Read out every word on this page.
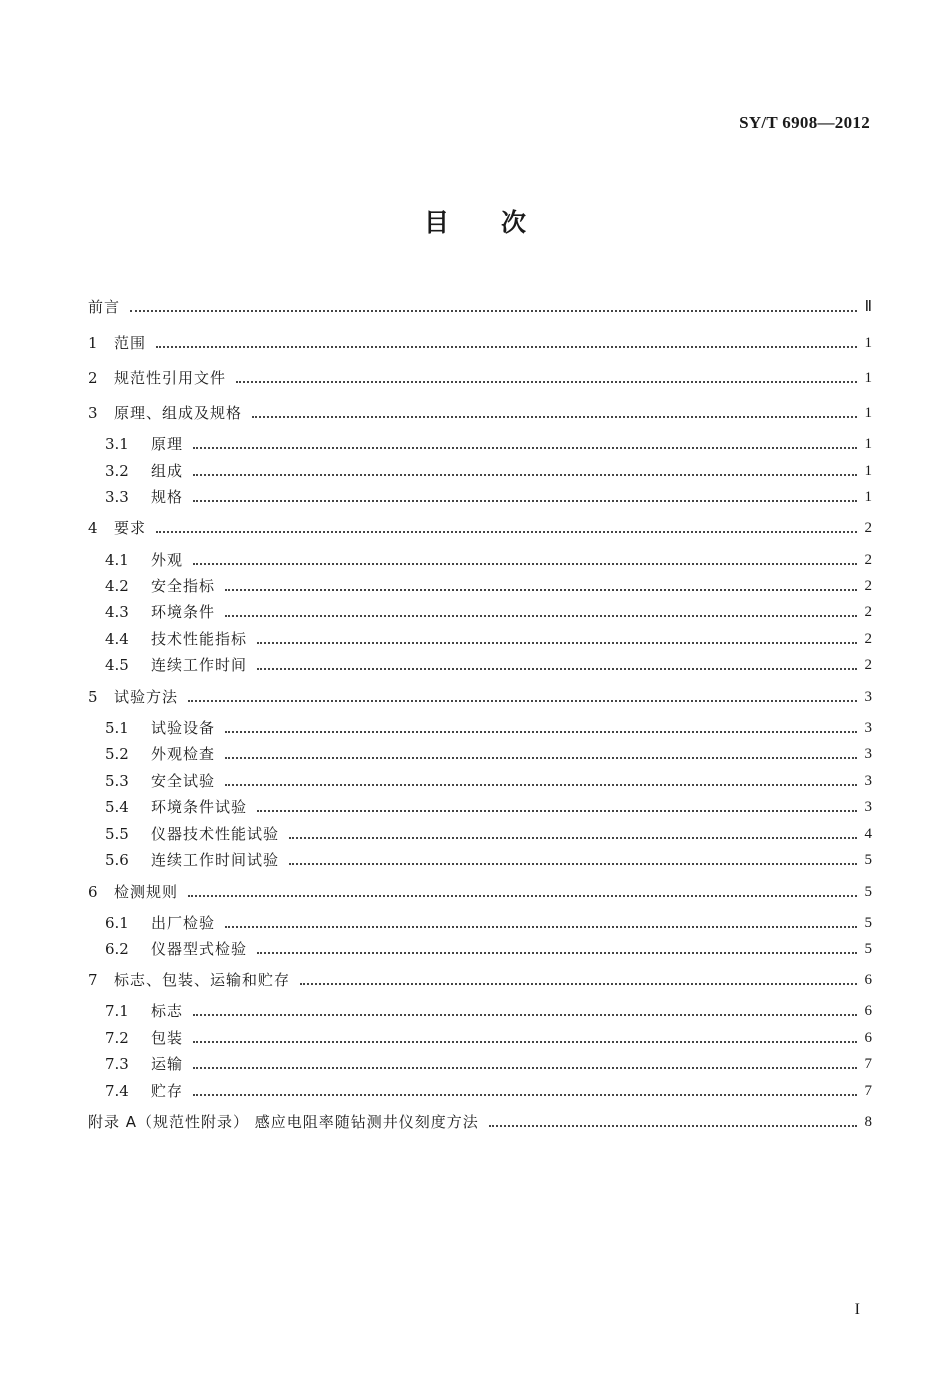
SY/T 6908—2012
目 次
前言	Ⅱ
1	范围	1
2	规范性引用文件	1
3	原理、组成及规格	1
3.1	原理	1
3.2	组成	1
3.3	规格	1
4	要求	2
4.1	外观	2
4.2	安全指标	2
4.3	环境条件	2
4.4	技术性能指标	2
4.5	连续工作时间	2
5	试验方法	3
5.1	试验设备	3
5.2	外观检查	3
5.3	安全试验	3
5.4	环境条件试验	3
5.5	仪器技术性能试验	4
5.6	连续工作时间试验	5
6	检测规则	5
6.1	出厂检验	5
6.2	仪器型式检验	5
7	标志、包装、运输和贮存	6
7.1	标志	6
7.2	包装	6
7.3	运输	7
7.4	贮存	7
附录 A（规范性附录） 感应电阻率随钻测井仪刻度方法	8
I
